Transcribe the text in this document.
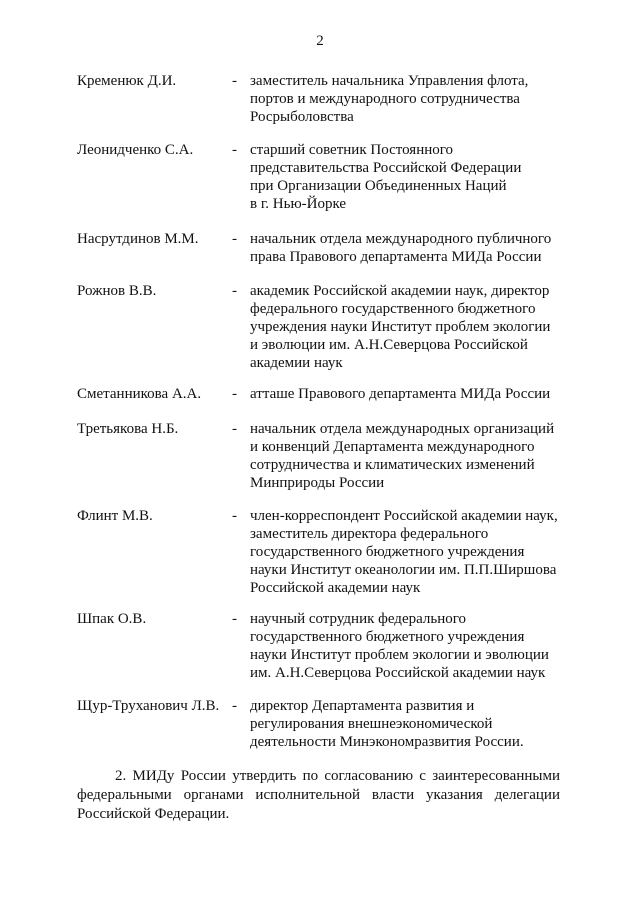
2
Кременюк Д.И.	- заместитель начальника Управления флота,
портов и международного сотрудничества
Росрыболовства
Леонидченко С.А.	- старший советник Постоянного
представительства Российской Федерации
при Организации Объединенных Наций
в г. Нью-Йорке
Насрутдинов М.М. - начальник отдела международного публичного
права Правового департамента МИДа России
Рожнов В.В.	- академик Российской академии наук, директор
федерального государственного бюджетного
учреждения науки Институт проблем экологии
и эволюции им. А.Н.Северцова Российской
академии наук
Сметанникова А.А. - атташе Правового департамента МИДа России
Третьякова Н.Б.	- начальник отдела международных организаций
и конвенций Департамента международного
сотрудничества и климатических изменений
Минприроды России
Флинт М.В.	- член-корреспондент Российской академии наук,
заместитель директора федерального
государственного бюджетного учреждения
науки Институт океанологии им. П.П.Ширшова
Российской академии наук
Шпак О.В.	- научный сотрудник федерального
государственного бюджетного учреждения
науки Институт проблем экологии и эволюции
им. А.Н.Северцова Российской академии наук
Щур-Труханович Л.В. - директор Департамента развития и
регулирования внешнеэкономической
деятельности Минэкономразвития России.
2. МИДу России утвердить по согласованию с заинтересованными федеральными органами исполнительной власти указания делегации Российской Федерации.
